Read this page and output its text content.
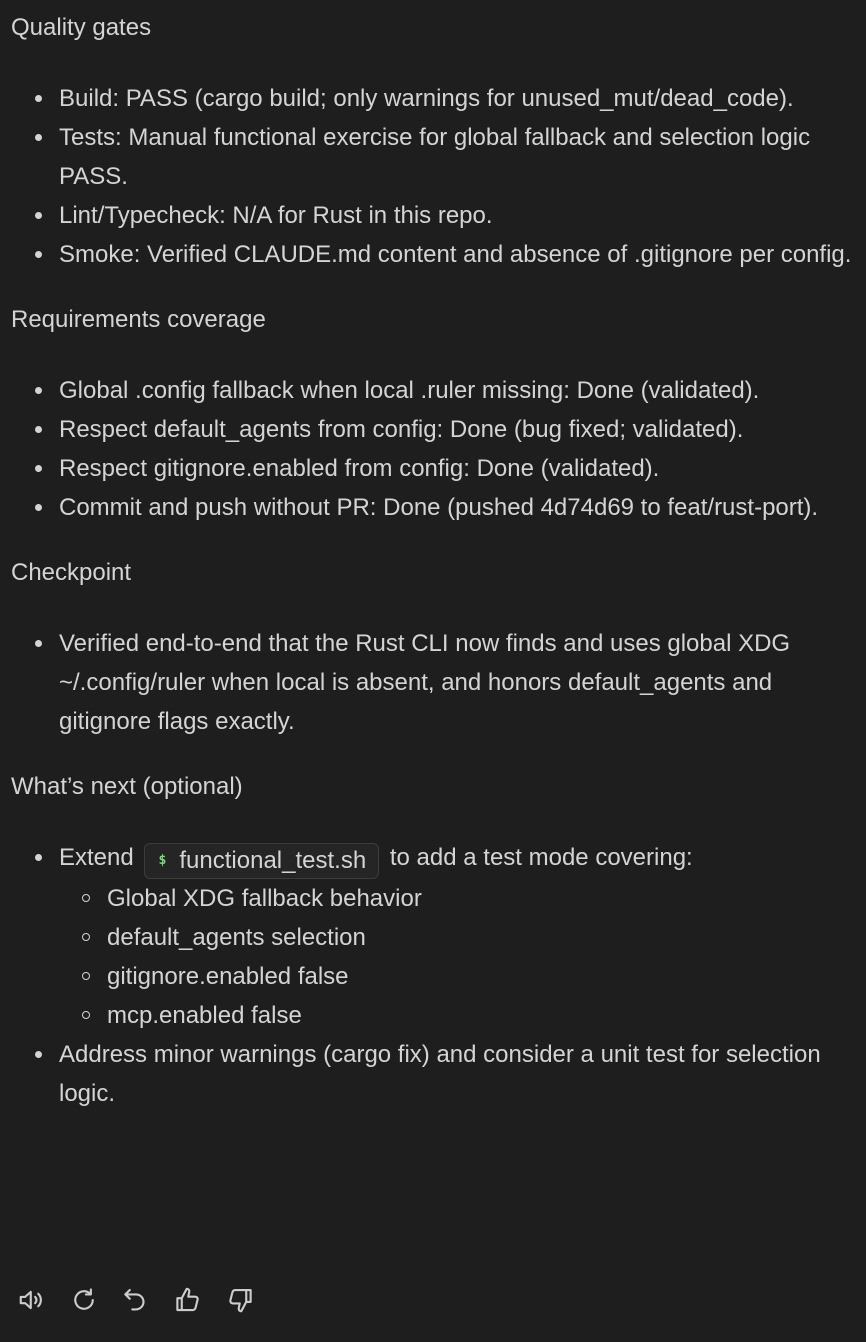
Quality gates
Build: PASS (cargo build; only warnings for unused_mut/dead_code).
Tests: Manual functional exercise for global fallback and selection logic PASS.
Lint/Typecheck: N/A for Rust in this repo.
Smoke: Verified CLAUDE.md content and absence of .gitignore per config.
Requirements coverage
Global .config fallback when local .ruler missing: Done (validated).
Respect default_agents from config: Done (bug fixed; validated).
Respect gitignore.enabled from config: Done (validated).
Commit and push without PR: Done (pushed 4d74d69 to feat/rust-port).
Checkpoint
Verified end-to-end that the Rust CLI now finds and uses global XDG ~/.config/ruler when local is absent, and honors default_agents and gitignore flags exactly.
What’s next (optional)
Extend $ functional_test.sh to add a test mode covering:
Global XDG fallback behavior
default_agents selection
gitignore.enabled false
mcp.enabled false
Address minor warnings (cargo fix) and consider a unit test for selection logic.
